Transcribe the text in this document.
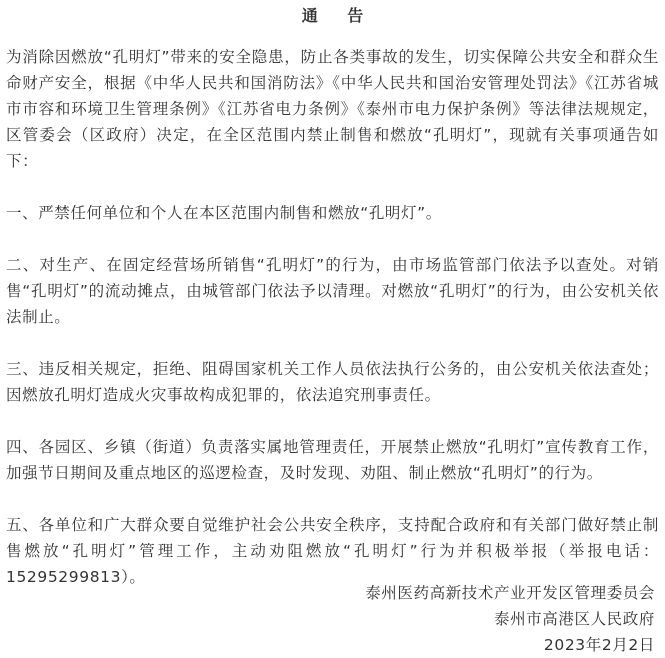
通 告

为消除因燃放“孔明灯”带来的安全隐患，防止各类事故的发生，切实保障公共安全和群众生命财产安全，根据《中华人民共和国消防法》《中华人民共和国治安管理处罚法》《江苏省城市市容和环境卫生管理条例》《江苏省电力条例》《泰州市电力保护条例》等法律法规规定，区管委会（区政府）决定，在全区范围内禁止制售和燃放“孔明灯”，现就有关事项通告如下：

一、严禁任何单位和个人在本区范围内制售和燃放“孔明灯”。

二、对生产、在固定经营场所销售“孔明灯”的行为，由市场监管部门依法予以查处。对销售“孔明灯”的流动摊点，由城管部门依法予以清理。对燃放“孔明灯”的行为，由公安机关依法制止。

三、违反相关规定，拒绝、阻碍国家机关工作人员依法执行公务的，由公安机关依法查处；因燃放孔明灯造成火灾事故构成犯罪的，依法追究刑事责任。

四、各园区、乡镇（街道）负责落实属地管理责任，开展禁止燃放“孔明灯”宣传教育工作，加强节日期间及重点地区的巡逻检查，及时发现、劝阻、制止燃放“孔明灯”的行为。

五、各单位和广大群众要自觉维护社会公共安全秩序，支持配合政府和有关部门做好禁止制售燃放“孔明灯”管理工作，主动劝阻燃放“孔明灯”行为并积极举报（举报电话：15295299813）。

泰州医药高新技术产业开发区管理委员会
泰州市高港区人民政府
2023年2月2日
